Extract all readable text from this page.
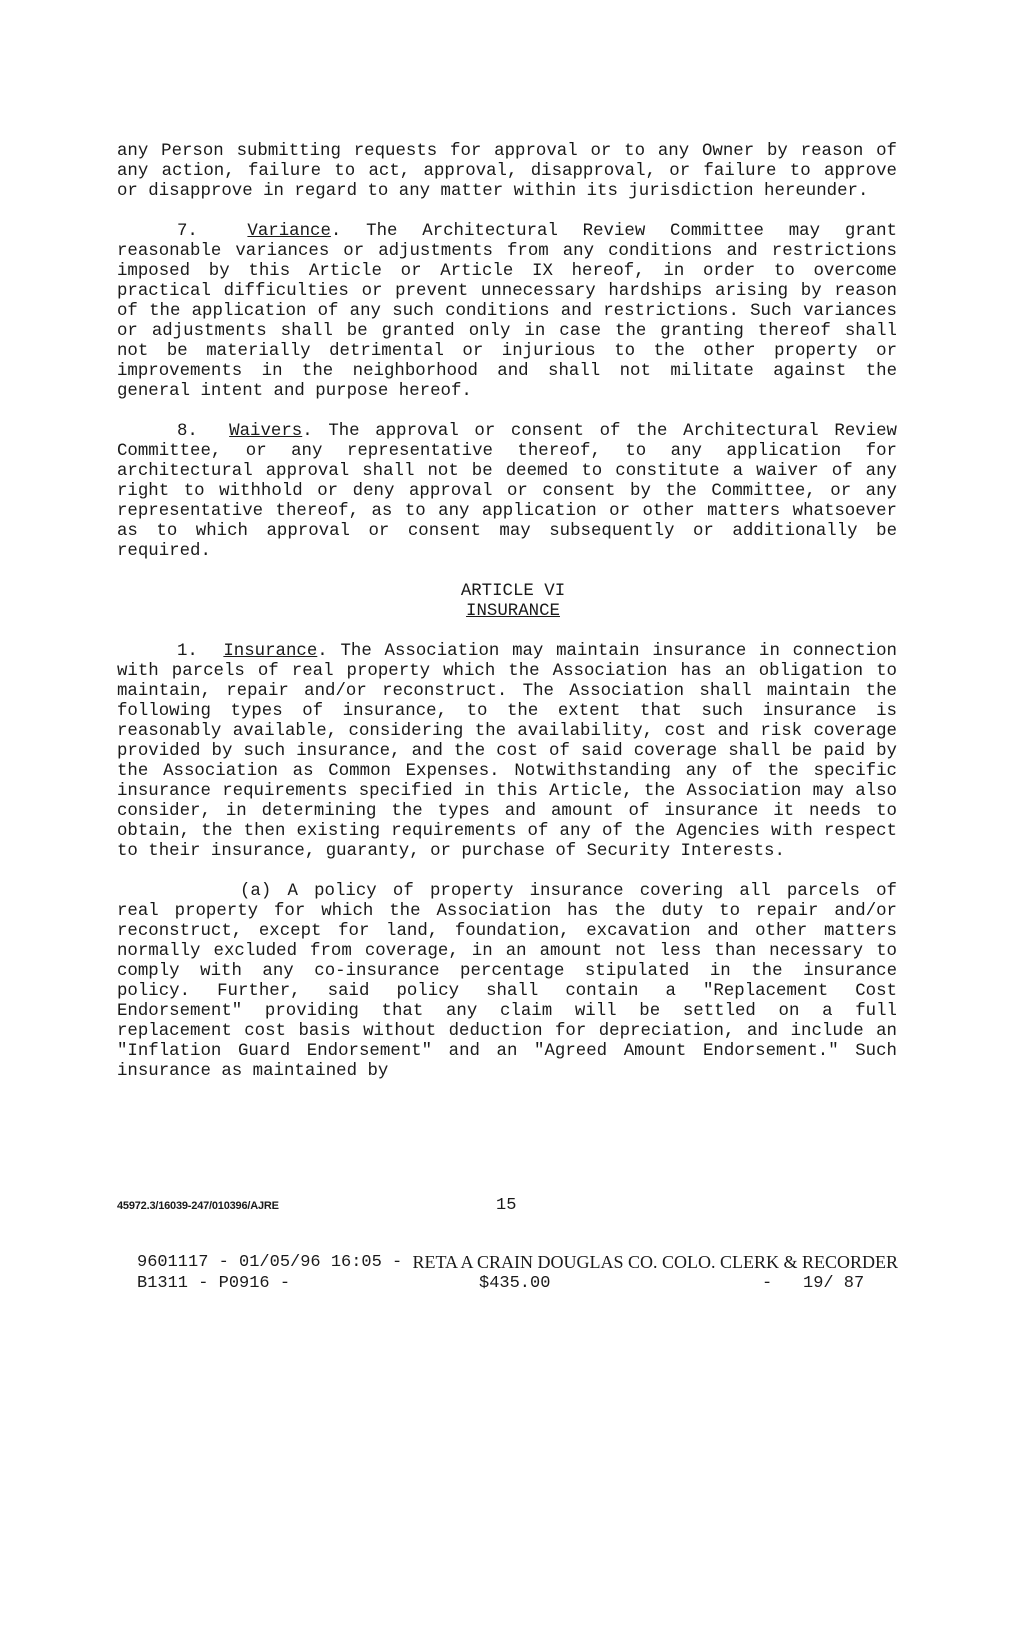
any Person submitting requests for approval or to any Owner by reason of any action, failure to act, approval, disapproval, or failure to approve or disapprove in regard to any matter within its jurisdiction hereunder.

7.	Variance. The Architectural Review Committee may grant reasonable variances or adjustments from any conditions and restrictions imposed by this Article or Article IX hereof, in order to overcome practical difficulties or prevent unnecessary hardships arising by reason of the application of any such conditions and restrictions. Such variances or adjustments shall be granted only in case the granting thereof shall not be materially detrimental or injurious to the other property or improvements in the neighborhood and shall not militate against the general intent and purpose hereof.

8. Waivers. The approval or consent of the Architectural Review Committee, or any representative thereof, to any application for architectural approval shall not be deemed to constitute a waiver of any right to withhold or deny approval or consent by the Committee, or any representative thereof, as to any application or other matters whatsoever as to which approval or consent may subsequently or additionally be required.

ARTICLE VI
INSURANCE

1. Insurance. The Association may maintain insurance in connection with parcels of real property which the Association has an obligation to maintain, repair and/or reconstruct. The Association shall maintain the following types of insurance, to the extent that such insurance is reasonably available, considering the availability, cost and risk coverage provided by such insurance, and the cost of said coverage shall be paid by the Association as Common Expenses. Notwithstanding any of the specific insurance requirements specified in this Article, the Association may also consider, in determining the types and amount of insurance it needs to obtain, the then existing requirements of any of the Agencies with respect to their insurance, guaranty, or purchase of Security Interests.

(a) A policy of property insurance covering all parcels of real property for which the Association has the duty to repair and/or reconstruct, except for land, foundation, excavation and other matters normally excluded from coverage, in an amount not less than necessary to comply with any co-insurance percentage stipulated in the insurance policy. Further, said policy shall contain a "Replacement Cost Endorsement" providing that any claim will be settled on a full replacement cost basis without deduction for depreciation, and include an "Inflation Guard Endorsement" and an "Agreed Amount Endorsement." Such insurance as maintained by

45972.3/16039-247/010396/AJRE	15
9601117 - 01/05/96 16:05 - RETA A CRAIN DOUGLAS CO. COLO. CLERK & RECORDER
B1311 - P0916 -	$435.00	- 19/ 87
